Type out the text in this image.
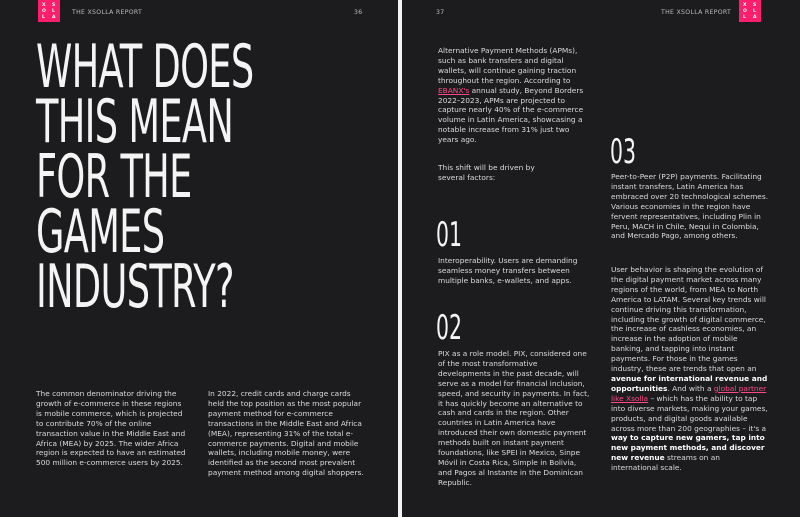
X S
O L
L A
THE XSOLLA REPORT	36
WHAT DOES THIS MEAN FOR THE GAMES INDUSTRY?

The common denominator driving the growth of e-commerce in these regions is mobile commerce, which is projected to contribute 70% of the online transaction value in the Middle East and Africa (MEA) by 2025. The wider Africa region is expected to have an estimated 500 million e-commerce users by 2025.

In 2022, credit cards and charge cards held the top position as the most popular payment method for e-commerce transactions in the Middle East and Africa (MEA), representing 31% of the total e-commerce payments. Digital and mobile wallets, including mobile money, were identified as the second most prevalent payment method among digital shoppers.

37	THE XSOLLA REPORT
X S
O L
L A

Alternative Payment Methods (APMs), such as bank transfers and digital wallets, will continue gaining traction throughout the region. According to EBANX's annual study, Beyond Borders 2022–2023, APMs are projected to capture nearly 40% of the e-commerce volume in Latin America, showcasing a notable increase from 31% just two years ago.

This shift will be driven by several factors:

01

Interoperability. Users are demanding seamless money transfers between multiple banks, e-wallets, and apps.

02

PIX as a role model. PIX, considered one of the most transformative developments in the past decade, will serve as a model for financial inclusion, speed, and security in payments. In fact, it has quickly become an alternative to cash and cards in the region. Other countries in Latin America have introduced their own domestic payment methods built on instant payment foundations, like SPEI in Mexico, Sinpe Móvil in Costa Rica, Simple in Bolivia, and Pagos al Instante in the Dominican Republic.

03

Peer-to-Peer (P2P) payments. Facilitating instant transfers, Latin America has embraced over 20 technological schemes. Various economies in the region have fervent representatives, including Plin in Peru, MACH in Chile, Nequi in Colombia, and Mercado Pago, among others.

User behavior is shaping the evolution of the digital payment market across many regions of the world, from MEA to North America to LATAM. Several key trends will continue driving this transformation, including the growth of digital commerce, the increase of cashless economies, an increase in the adoption of mobile banking, and tapping into instant payments. For those in the games industry, these are trends that open an avenue for international revenue and opportunities. And with a global partner like Xsolla – which has the ability to tap into diverse markets, making your games, products, and digital goods available across more than 200 geographies – it's a way to capture new gamers, tap into new payment methods, and discover new revenue streams on an international scale.
